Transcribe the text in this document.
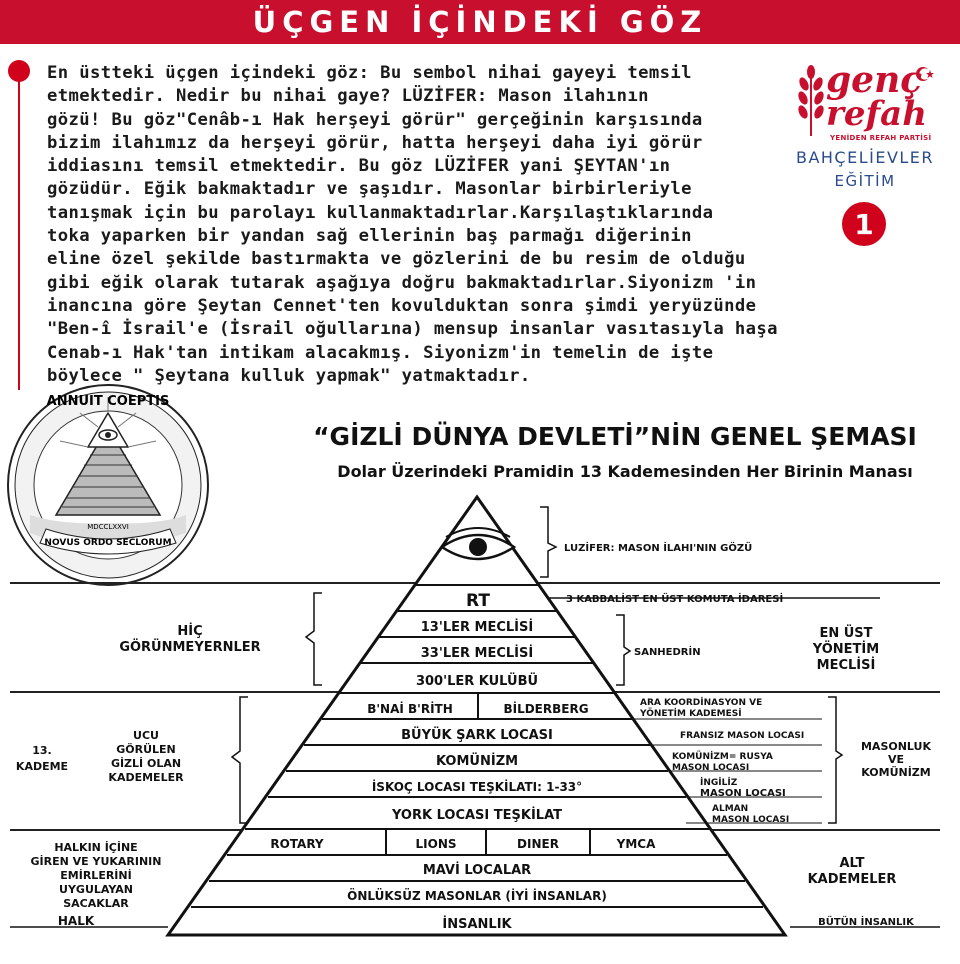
ÜÇGEN İÇİNDEKİ GÖZ
En üstteki üçgen içindeki göz: Bu sembol nihai gayeyi temsil
etmektedir. Nedir bu nihai gaye? LÜZİFER: Mason ilahının
gözü! Bu göz"Cenâb-ı Hak herşeyi görür" gerçeğinin karşısında
bizim ilahımız da herşeyi görür, hatta herşeyi daha iyi görür
iddiasını temsil etmektedir. Bu göz LÜZİFER yani ŞEYTAN'ın
gözüdür. Eğik bakmaktadır ve şaşıdır. Masonlar birbirleriyle
tanışmak için bu parolayı kullanmaktadırlar.Karşılaştıklarında
toka yaparken bir yandan sağ ellerinin baş parmağı diğerinin
eline özel şekilde bastırmakta ve gözlerini de bu resim de olduğu
gibi eğik olarak tutarak aşağıya doğru bakmaktadırlar.Siyonizm 'in
inancına göre Şeytan Cennet'ten kovulduktan sonra şimdi yeryüzünde
"Ben-î İsrail'e (İsrail oğullarına) mensup insanlar vasıtasıyla haşa
Cenab-ı Hak'tan intikam alacakmış. Siyonizm'in temelin de işte
böylece " Şeytana kulluk yapmak" yatmaktadır.
genç
refah
YENİDEN REFAH PARTİSİ
BAHÇELİEVLER
EĞİTİM
1
ANNUIT COEPTIS
MDCCLXXVI
NOVUS ORDO SECLORUM
“GİZLİ DÜNYA DEVLETİ”NİN GENEL ŞEMASI
Dolar Üzerindeki Pramidin 13 Kademesinden Her Birinin Manası
RT
13'LER MECLİSİ
33'LER MECLİSİ
300'LER KULÜBÜ
B'NAİ B'RİTH	BİLDERBERG
BÜYÜK ŞARK LOCASI
KOMÜNİZM
İSKOÇ LOCASI TEŞKİLATI: 1-33°
YORK LOCASI TEŞKİLAT
ROTARY	LIONS	DINER	YMCA
MAVİ LOCALAR
ÖNLÜKSÜZ MASONLAR (İYİ İNSANLAR)
İNSANLIK
LUZİFER: MASON İLAHI'NIN GÖZÜ
3 KABBALİST EN ÜST KOMUTA İDARESİ
SANHEDRİN
ARA KOORDİNASYON VE
YÖNETİM KADEMESİ
FRANSIZ MASON LOCASI
KOMÜNİZM= RUSYA
MASON LOCASI
İNGİLİZ
MASON LOCASI
ALMAN
MASON LOCASI
EN ÜST
YÖNETİM
MECLİSİ
MASONLUK
VE
KOMÜNİZM
ALT
KADEMELER
BÜTÜN İNSANLIK
HİÇ
GÖRÜNMEYERNLER
13.
KADEME
UCU
GÖRÜLEN
GİZLİ OLAN
KADEMELER
HALKIN İÇİNE
GİREN VE YUKARININ
EMİRLERİNİ
UYGULAYAN
SACAKLAR
HALK
